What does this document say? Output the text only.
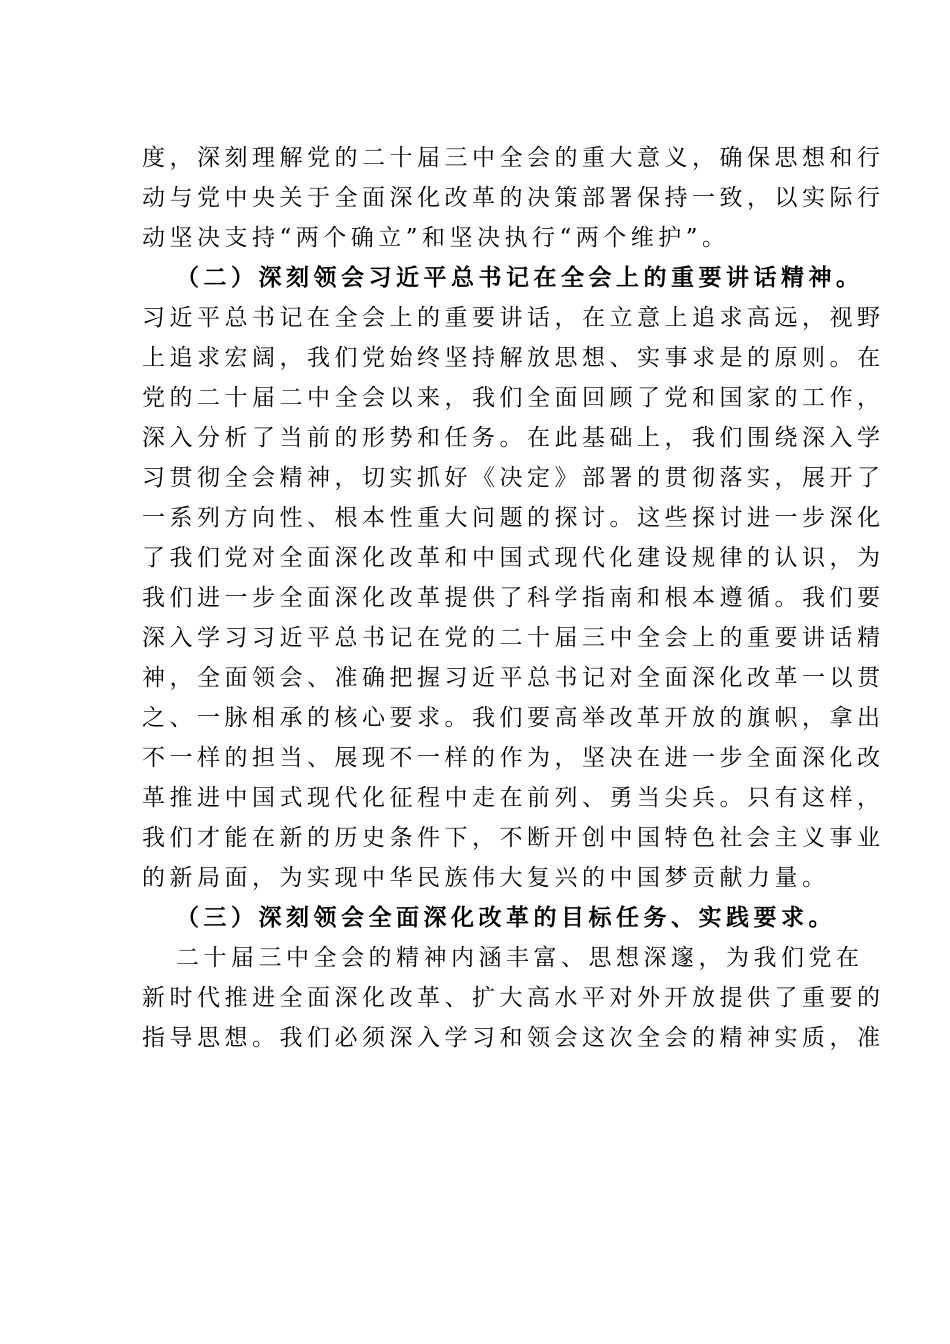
度，深刻理解党的二十届三中全会的重大意义，确保思想和行
动与党中央关于全面深化改革的决策部署保持一致，以实际行
动坚决支持“两个确立”和坚决执行“两个维护”。

（二）深刻领会习近平总书记在全会上的重要讲话精神。

习近平总书记在全会上的重要讲话，在立意上追求高远，视野
上追求宏阔，我们党始终坚持解放思想、实事求是的原则。在
党的二十届二中全会以来，我们全面回顾了党和国家的工作，
深入分析了当前的形势和任务。在此基础上，我们围绕深入学
习贯彻全会精神，切实抓好《决定》部署的贯彻落实，展开了
一系列方向性、根本性重大问题的探讨。这些探讨进一步深化
了我们党对全面深化改革和中国式现代化建设规律的认识，为
我们进一步全面深化改革提供了科学指南和根本遵循。我们要
深入学习习近平总书记在党的二十届三中全会上的重要讲话精
神，全面领会、准确把握习近平总书记对全面深化改革一以贯
之、一脉相承的核心要求。我们要高举改革开放的旗帜，拿出
不一样的担当、展现不一样的作为，坚决在进一步全面深化改
革推进中国式现代化征程中走在前列、勇当尖兵。只有这样，
我们才能在新的历史条件下，不断开创中国特色社会主义事业
的新局面，为实现中华民族伟大复兴的中国梦贡献力量。

（三）深刻领会全面深化改革的目标任务、实践要求。

二十届三中全会的精神内涵丰富、思想深邃，为我们党在
新时代推进全面深化改革、扩大高水平对外开放提供了重要的
指导思想。我们必须深入学习和领会这次全会的精神实质，准
